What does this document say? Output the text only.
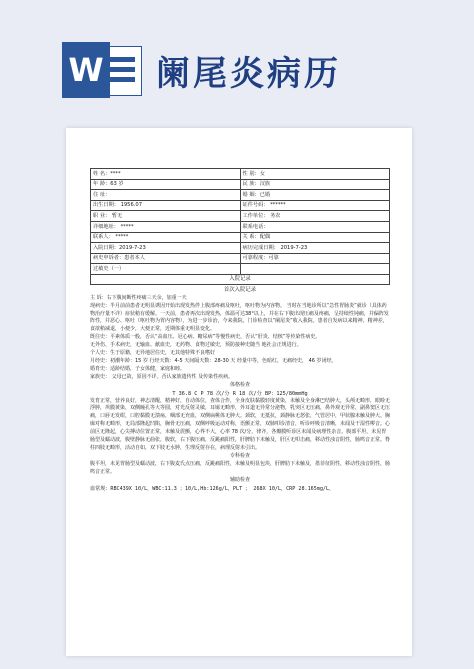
W 阑尾炎病历
姓 名：****	性 别：女
年 龄：63 岁	民 族：汉族
住 址：	婚 姻：已婚
出生日期： 1956.07	证件号码： ******
职 业： 暂无	工作单位： 务农
详细地址： *****	联系电话：
联系人： *****	关 系：配偶
入院日期：2019-7-23	病历完成日期： 2019-7-23
病史申诉者：患者本人	可靠程度：可靠
过敏史（一）	
入院记录
首次入院记录

主 诉：右下腹间断性疼痛三天余，加重一天

现病史：半月前前患者无明显诱因开始出现发热伴上腹部疼痛及呕吐，呕吐物为内容物。 当时在当地诊所以“急性胃肠炎”就诊（具体药物治疗量不详）症状稍有缓解。一天前，患者再次出现发热，体温可达38°以上，并在右下腹出现压痛及疼痛，呈持续性钝痛，并偏阵发阵性，并恶心、呕吐（呕吐物为胃内容物），为进一步诊治，今来我院。门诊检查以“阑尾炎”收入我院。患者自发病以来精神、精神差，食欲稍减退，小便少，大便正常，近期体重无明显变化。

既往史：平素体质一般，否认“高血压、冠心病、糖尿病”等慢性病史，否认“肝炎、结核”等传染性病史。

无外伤、手术病史，无输血、献血史，无药物、食物过敏史，预防接种史随当 地社会正规进行。

个人史：生于原籍，无异地居住史，无其他特殊不良嗜好

月经史：初潮年龄：15 岁 行经天数：4-5 天间隔天数：28-30 天 经量中等，色暗红，无痛经史， 46 岁闭经。

婚育史：适龄结婚，子女体健，家庭和睦。

家族史： 父母已故，原因不详。否认家族遗传性 及传染性疾病。

体格检查
T 36.8 C P 78 次/分 R 18 次/分 BP：125/80mmHg

发育正常，营养良好，神志清醒，精神好，自动体位，查体合作，全身皮肤黏膜轻度黄染，未触及全身淋巴结肿大，头颅无畸形，眼睑无浮肿，巩膜黄染，双侧瞳孔等大等圆，对光反射灵敏，耳廓无畸形，外耳道无异常分泌物，乳突区无压痛，鼻外观无异常，副鼻窦区无压痛，口唇无发绀，口腔黏膜无溃疡，咽部无充血，双侧扁桃体无肿大。颈软，无抵抗，颈静脉无怒张，气管居中，甲状腺未触及肿大。胸廓对称无畸形，无局部隆起凹陷，胸骨无压痛，双侧呼吸运动对称，语颤正常，双肺叩诊清音，听诊呼吸音清晰，未闻及干湿性啰音。心前区无隆起，心尖搏动位置正常，未触及震颤，心界不大，心率 78 次/分，律齐，各瓣膜听诊区未闻及病理性杂音。腹部平坦，未见胃肠型及蠕动波，腹壁静脉无曲张，腹软，右下腹压痛，反跳痛阳性，肝脾肋下未触及，肝区无叩击痛，移动性浊音阴性，肠鸣音正常。脊柱四肢无畸形，活动自如，双下肢无水肿，生理反射存在，病理反射未引出。

专科检查

腹平坦，未见胃肠型及蠕动波，右下腹麦氏点压痛，反跳痛阳性，未触及明显包块，肝脾肋下未触及，墨菲征阴性，移动性浊音阴性，肠鸣音正常。

辅助检查
血常规：RBC439X 10/L，WBC:11.3 ；10/L,Hb:126g/L，PLT ； 268X 10/L，CRP 28.165mg/L，
